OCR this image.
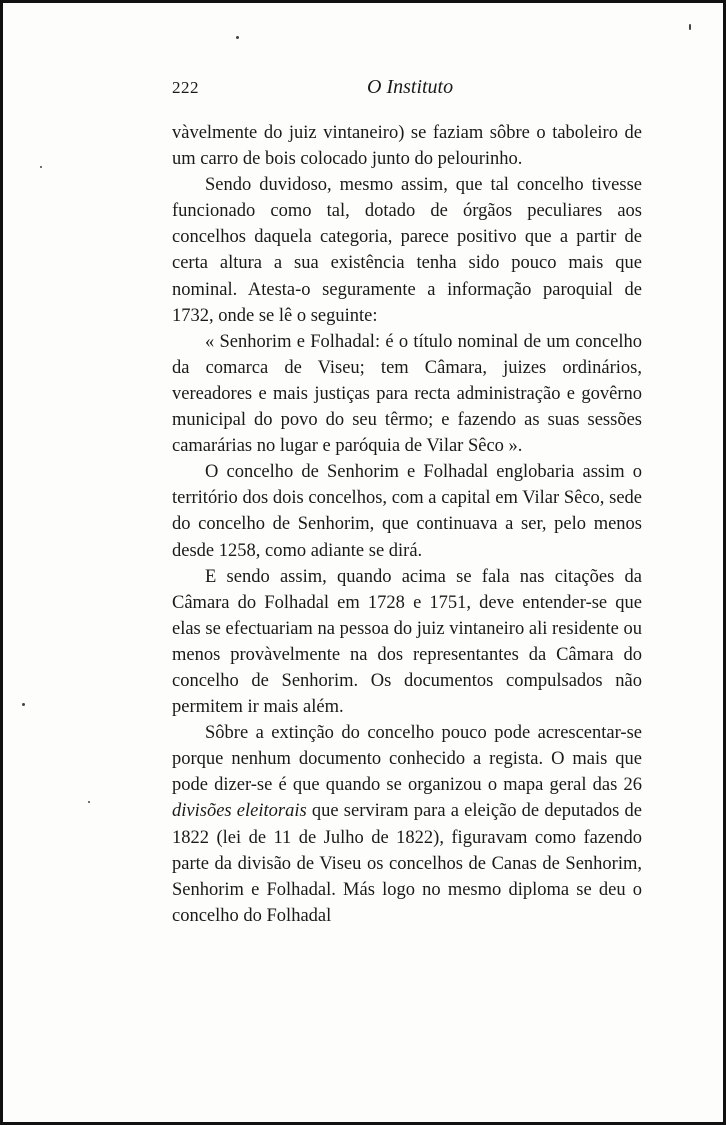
222	O Instituto

vàvelmente do juiz vintaneiro) se faziam sôbre o taboleiro de um carro de bois colocado junto do pelourinho.

Sendo duvidoso, mesmo assim, que tal concelho tivesse funcionado como tal, dotado de órgãos peculiares aos concelhos daquela categoria, parece positivo que a partir de certa altura a sua existência tenha sido pouco mais que nominal. Atesta-o seguramente a informação paroquial de 1732, onde se lê o seguinte:

« Senhorim e Folhadal: é o título nominal de um concelho da comarca de Viseu; tem Câmara, juizes ordinários, vereadores e mais justiças para recta administração e govêrno municipal do povo do seu têrmo; e fazendo as suas sessões camarárias no lugar e paróquia de Vilar Sêco ».

O concelho de Senhorim e Folhadal englobaria assim o território dos dois concelhos, com a capital em Vilar Sêco, sede do concelho de Senhorim, que continuava a ser, pelo menos desde 1258, como adiante se dirá.

E sendo assim, quando acima se fala nas citações da Câmara do Folhadal em 1728 e 1751, deve entender-se que elas se efectuariam na pessoa do juiz vintaneiro ali residente ou menos provàvelmente na dos representantes da Câmara do concelho de Senhorim. Os documentos compulsados não permitem ir mais além.

Sôbre a extinção do concelho pouco pode acrescentar-se porque nenhum documento conhecido a regista. O mais que pode dizer-se é que quando se organizou o mapa geral das 26 divisões eleitorais que serviram para a eleição de deputados de 1822 (lei de 11 de Julho de 1822), figuravam como fazendo parte da divisão de Viseu os concelhos de Canas de Senhorim, Senhorim e Folhadal. Más logo no mesmo diploma se deu o concelho do Folhadal
